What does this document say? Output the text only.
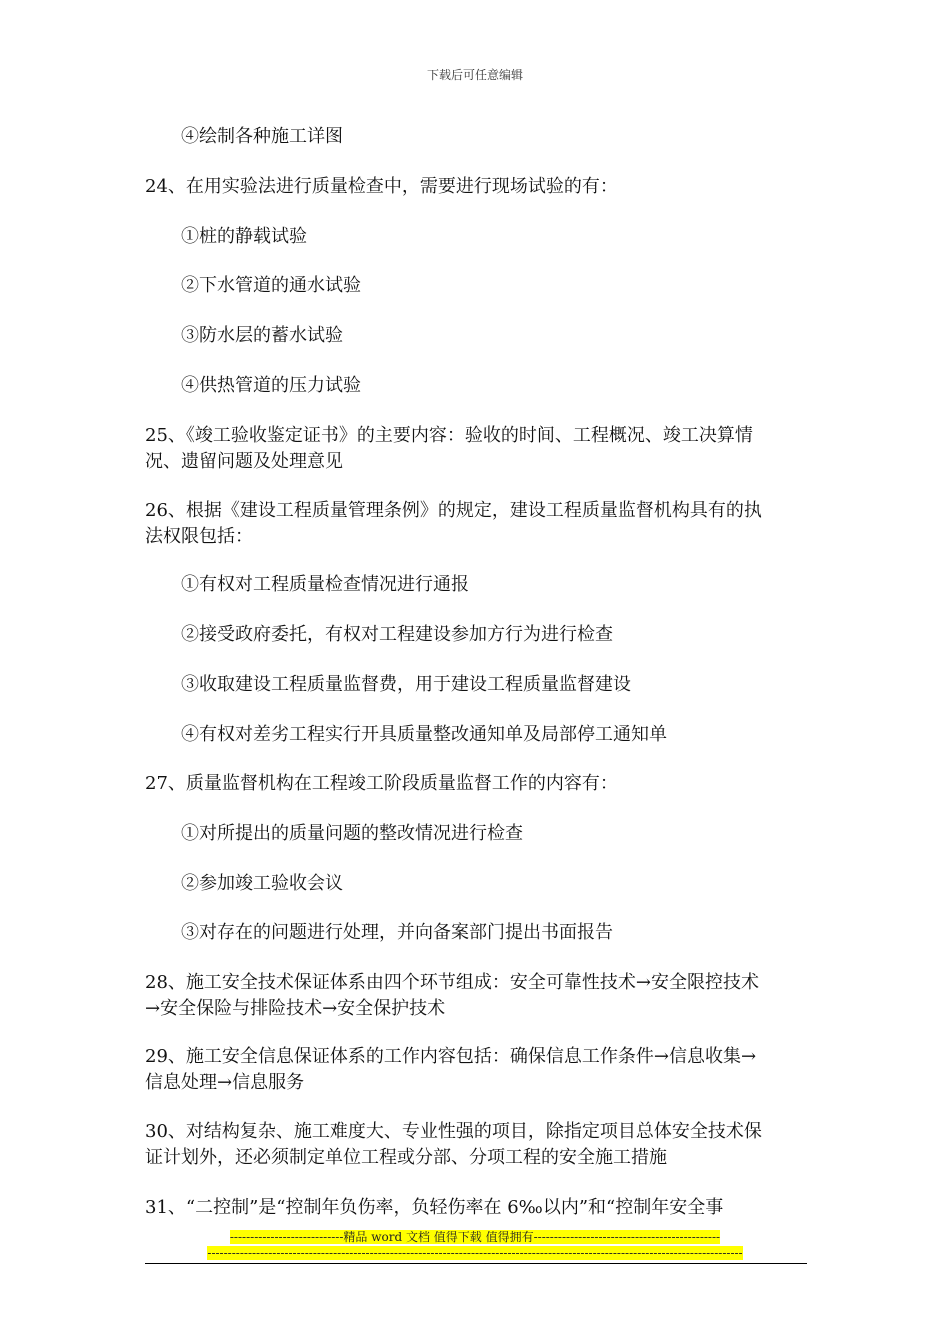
下载后可任意编辑
④绘制各种施工详图
24、在用实验法进行质量检查中，需要进行现场试验的有：
①桩的静载试验
②下水管道的通水试验
③防水层的蓄水试验
④供热管道的压力试验
25、《竣工验收鉴定证书》的主要内容：验收的时间、工程概况、竣工决算情
况、遗留问题及处理意见
26、根据《建设工程质量管理条例》的规定，建设工程质量监督机构具有的执
法权限包括：
①有权对工程质量检查情况进行通报
②接受政府委托，有权对工程建设参加方行为进行检查
③收取建设工程质量监督费，用于建设工程质量监督建设
④有权对差劣工程实行开具质量整改通知单及局部停工通知单
27、质量监督机构在工程竣工阶段质量监督工作的内容有：
①对所提出的质量问题的整改情况进行检查
②参加竣工验收会议
③对存在的问题进行处理，并向备案部门提出书面报告
28、施工安全技术保证体系由四个环节组成：安全可靠性技术→安全限控技术
→安全保险与排险技术→安全保护技术
29、施工安全信息保证体系的工作内容包括：确保信息工作条件→信息收集→
信息处理→信息服务
30、对结构复杂、施工难度大、专业性强的项目，除指定项目总体安全技术保
证计划外，还必须制定单位工程或分部、分项工程的安全施工措施
31、“二控制”是“控制年负伤率，负轻伤率在 6‰以内”和“控制年安全事
----------------------------精品 word 文档 值得下载 值得拥有----------------------------------------------
------------------------------------------------------------------------------------------------------------------------------------
